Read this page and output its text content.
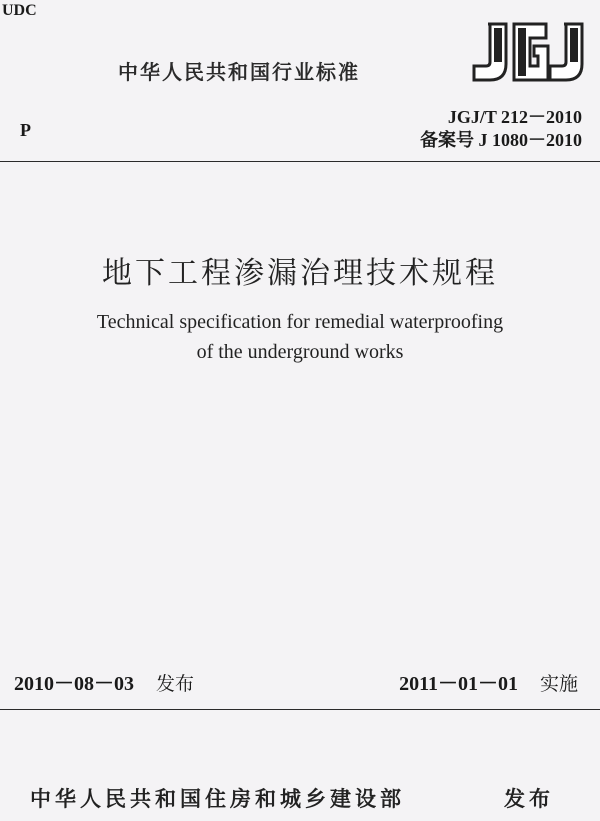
UDC
中华人民共和国行业标准
P
JGJ/T 212－2010
备案号 J 1080－2010
地下工程渗漏治理技术规程
Technical specification for remedial waterproofing
of the underground works
2010－08－03 发布	2011－01－01 实施
中华人民共和国住房和城乡建设部	发布
